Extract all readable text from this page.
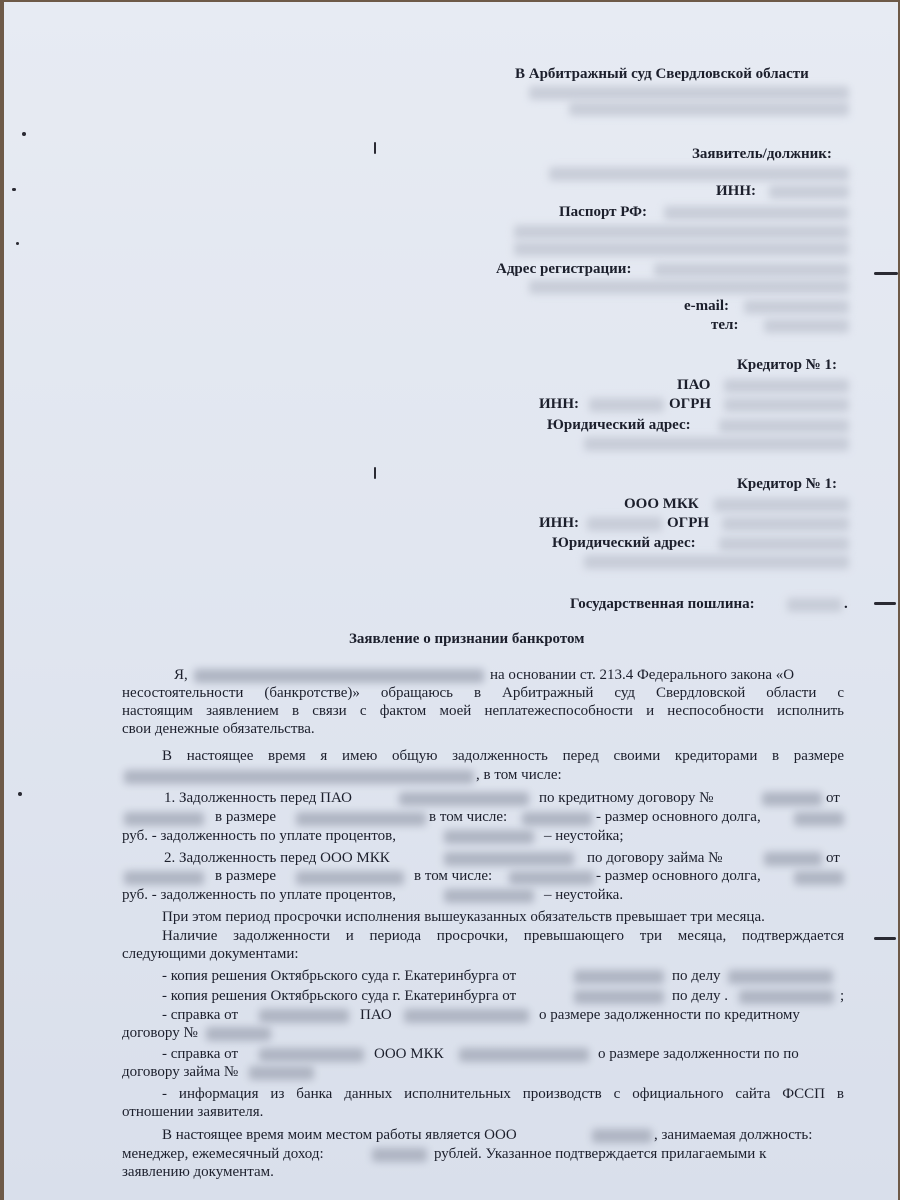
В Арбитражный суд Свердловской области
Заявитель/должник:
ИНН:
Паспорт РФ:
Адрес регистрации:
e-mail:
тел:
Кредитор № 1:
ПАО
ИНН:	ОГРН
Юридический адрес:
Кредитор № 1:
ООО МКК
ИНН:	ОГРН
Юридический адрес:
Государственная пошлина:	.
Заявление о признании банкротом
Я,	на основании ст. 213.4 Федерального закона «О
несостоятельности (банкротстве)» обращаюсь в Арбитражный суд Свердловской области с
настоящим заявлением в связи с фактом моей неплатежеспособности и неспособности исполнить
свои денежные обязательства.
В настоящее время я имею общую задолженность перед своими кредиторами в размере
, в том числе:
1. Задолженность перед ПАО	по кредитному договору №	от
в размере	в том числе:	- размер основного долга,
руб. - задолженность по уплате процентов,	– неустойка;
2. Задолженность перед ООО МКК	по договору займа №	от
в размере	в том числе:	- размер основного долга,
руб. - задолженность по уплате процентов,	– неустойка.
При этом период просрочки исполнения вышеуказанных обязательств превышает три месяца.
Наличие задолженности и периода просрочки, превышающего три месяца, подтверждается
следующими документами:
- копия решения Октябрьского суда г. Екатеринбурга от	по делу
- копия решения Октябрьского суда г. Екатеринбурга от	по делу .	;
- справка от	ПАО	о размере задолженности по кредитному
договору №
- справка от	ООО МКК	о размере задолженности по по
договору займа №
- информация из банка данных исполнительных производств с официального сайта ФССП в
отношении заявителя.
В настоящее время моим местом работы является ООО	, занимаемая должность:
менеджер, ежемесячный доход:	рублей. Указанное подтверждается прилагаемыми к
заявлению документам.
